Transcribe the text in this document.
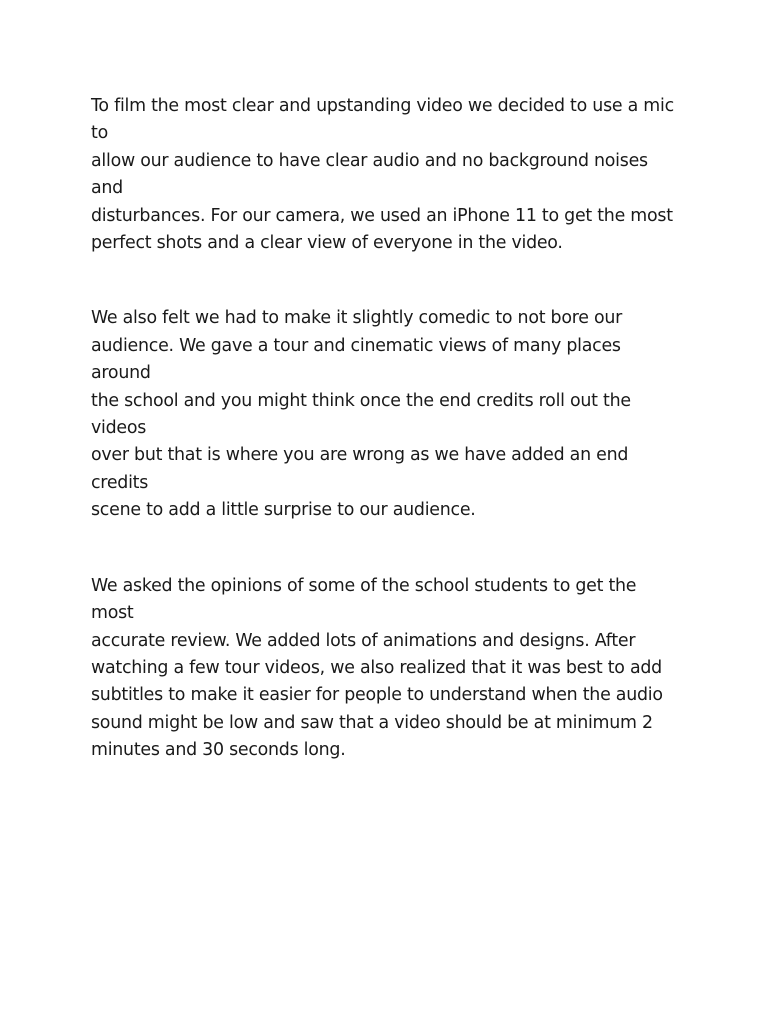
To film the most clear and upstanding video we decided to use a mic to
allow our audience to have clear audio and no background noises and
disturbances. For our camera, we used an iPhone 11 to get the most
perfect shots and a clear view of everyone in the video.

We also felt we had to make it slightly comedic to not bore our
audience. We gave a tour and cinematic views of many places around
the school and you might think once the end credits roll out the videos
over but that is where you are wrong as we have added an end credits
scene to add a little surprise to our audience.

We asked the opinions of some of the school students to get the most
accurate review. We added lots of animations and designs. After
watching a few tour videos, we also realized that it was best to add
subtitles to make it easier for people to understand when the audio
sound might be low and saw that a video should be at minimum 2
minutes and 30 seconds long.
